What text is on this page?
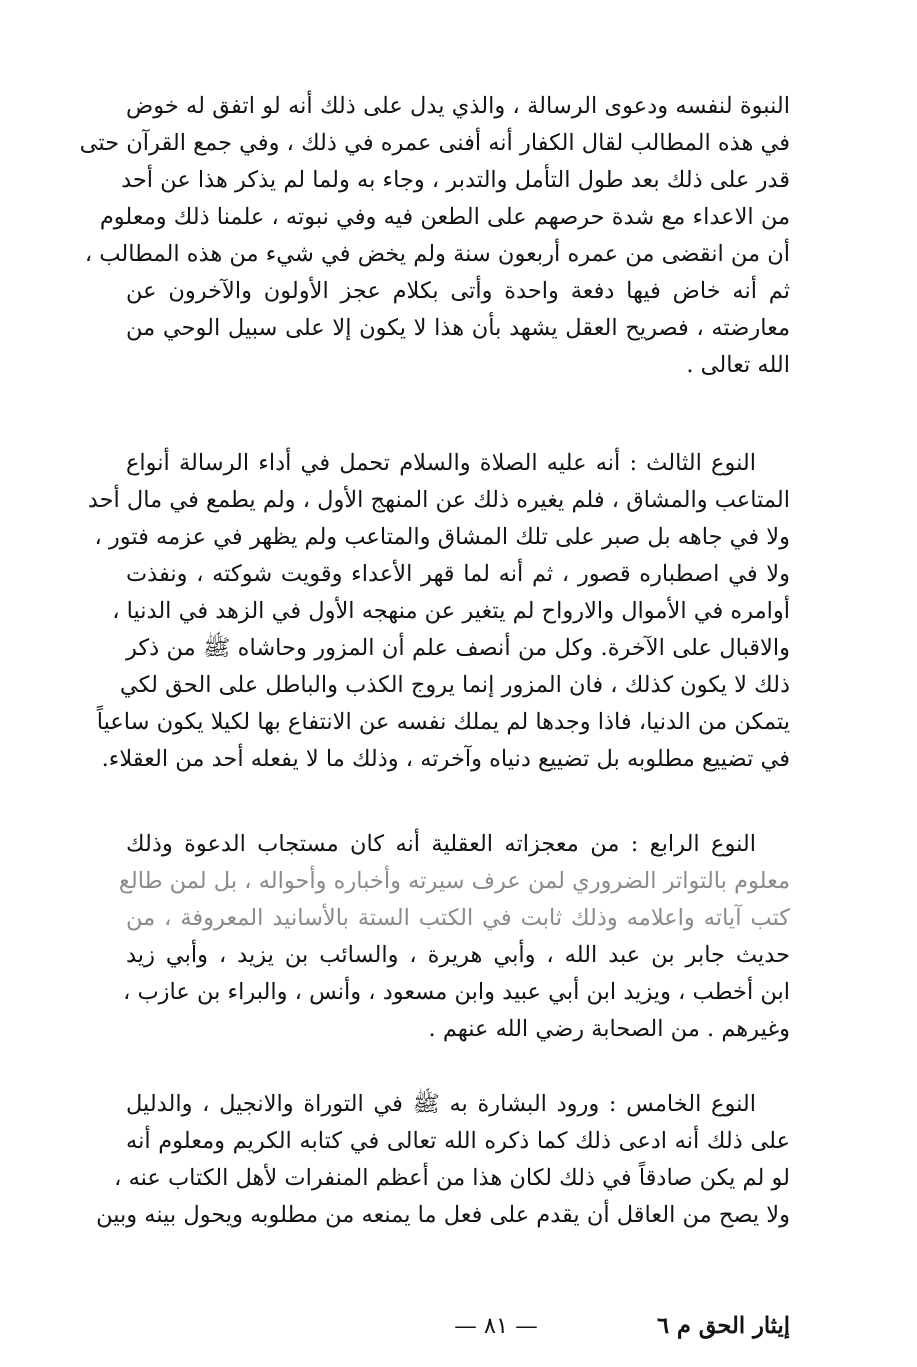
النبوة لنفسه ودعوى الرسالة ، والذي يدل على ذلك أنه لو اتفق له خوض
في هذه المطالب لقال الكفار أنه أفنى عمره في ذلك ، وفي جمع القرآن حتى
قدر على ذلك بعد طول التأمل والتدبر ، وجاء به ولما لم يذكر هذا عن أحد
من الاعداء مع شدة حرصهم على الطعن فيه وفي نبوته ، علمنا ذلك ومعلوم
أن من انقضى من عمره أربعون سنة ولم يخض في شيء من هذه المطالب ،
ثم أنه خاض فيها دفعة واحدة وأتى بكلام عجز الأولون والآخرون عن
معارضته ، فصريح العقل يشهد بأن هذا لا يكون إلا على سبيل الوحي من
الله تعالى .
النوع الثالث : أنه عليه الصلاة والسلام تحمل في أداء الرسالة أنواع
المتاعب والمشاق ، فلم يغيره ذلك عن المنهج الأول ، ولم يطمع في مال أحد
ولا في جاهه بل صبر على تلك المشاق والمتاعب ولم يظهر في عزمه فتور ،
ولا في اصطباره قصور ، ثم أنه لما قهر الأعداء وقويت شوكته ، ونفذت
أوامره في الأموال والارواح لم يتغير عن منهجه الأول في الزهد في الدنيا ،
والاقبال على الآخرة. وكل من أنصف علم أن المزور وحاشاه ﷺ من ذكر
ذلك لا يكون كذلك ، فان المزور إنما يروج الكذب والباطل على الحق لكي
يتمكن من الدنيا، فاذا وجدها لم يملك نفسه عن الانتفاع بها لكيلا يكون ساعياً
في تضييع مطلوبه بل تضييع دنياه وآخرته ، وذلك ما لا يفعله أحد من العقلاء.
النوع الرابع : من معجزاته العقلية أنه كان مستجاب الدعوة وذلك
معلوم بالتواتر الضروري لمن عرف سيرته وأخباره وأحواله ، بل لمن طالع
كتب آياته واعلامه وذلك ثابت في الكتب الستة بالأسانيد المعروفة ، من
حديث جابر بن عبد الله ، وأبي هريرة ، والسائب بن يزيد ، وأبي زيد
ابن أخطب ، ويزيد ابن أبي عبيد وابن مسعود ، وأنس ، والبراء بن عازب ،
وغيرهم . من الصحابة رضي الله عنهم .
النوع الخامس : ورود البشارة به ﷺ في التوراة والانجيل ، والدليل
على ذلك أنه ادعى ذلك كما ذكره الله تعالى في كتابه الكريم ومعلوم أنه
لو لم يكن صادقاً في ذلك لكان هذا من أعظم المنفرات لأهل الكتاب عنه ،
ولا يصح من العاقل أن يقدم على فعل ما يمنعه من مطلوبه ويحول بينه وبين
إيثار الحق م ٦
— ٨١ —
